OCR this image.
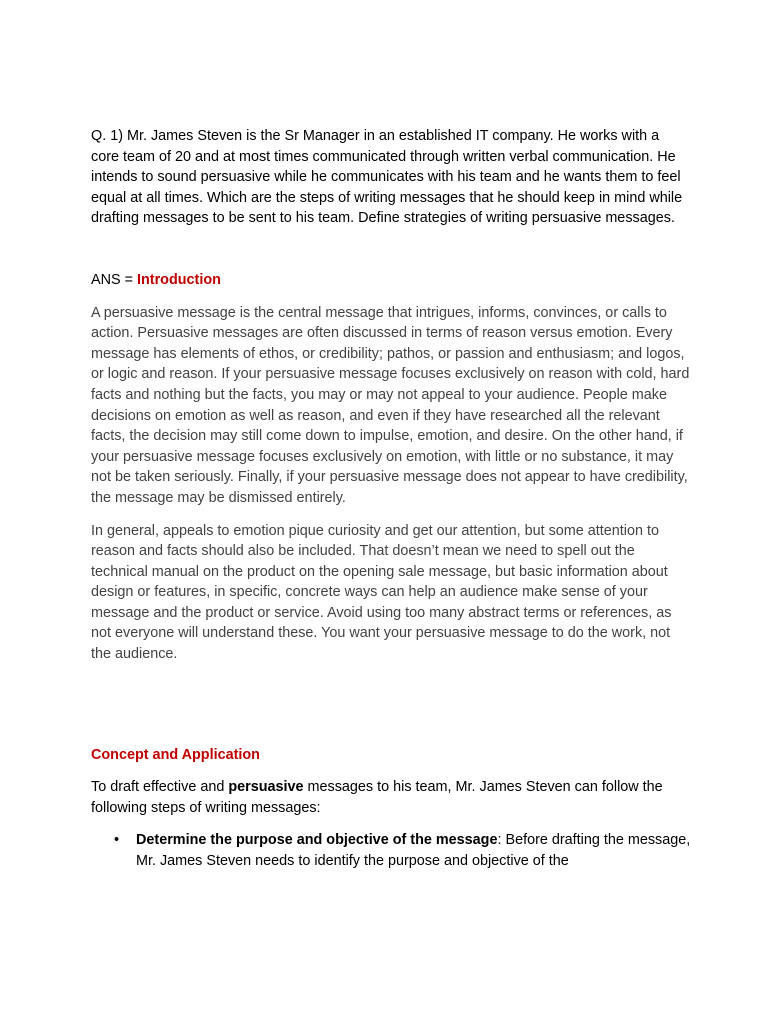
Q. 1) Mr. James Steven is the Sr Manager in an established IT company. He works with a core team of 20 and at most times communicated through written verbal communication. He intends to sound persuasive while he communicates with his team and he wants them to feel equal at all times. Which are the steps of writing messages that he should keep in mind while drafting messages to be sent to his team. Define strategies of writing persuasive messages.

ANS = Introduction

A persuasive message is the central message that intrigues, informs, convinces, or calls to action. Persuasive messages are often discussed in terms of reason versus emotion. Every message has elements of ethos, or credibility; pathos, or passion and enthusiasm; and logos, or logic and reason. If your persuasive message focuses exclusively on reason with cold, hard facts and nothing but the facts, you may or may not appeal to your audience. People make decisions on emotion as well as reason, and even if they have researched all the relevant facts, the decision may still come down to impulse, emotion, and desire. On the other hand, if your persuasive message focuses exclusively on emotion, with little or no substance, it may not be taken seriously. Finally, if your persuasive message does not appear to have credibility, the message may be dismissed entirely.

In general, appeals to emotion pique curiosity and get our attention, but some attention to reason and facts should also be included. That doesn’t mean we need to spell out the technical manual on the product on the opening sale message, but basic information about design or features, in specific, concrete ways can help an audience make sense of your message and the product or service. Avoid using too many abstract terms or references, as not everyone will understand these. You want your persuasive message to do the work, not the audience.

Concept and Application

To draft effective and persuasive messages to his team, Mr. James Steven can follow the following steps of writing messages:

• Determine the purpose and objective of the message: Before drafting the message, Mr. James Steven needs to identify the purpose and objective of the
